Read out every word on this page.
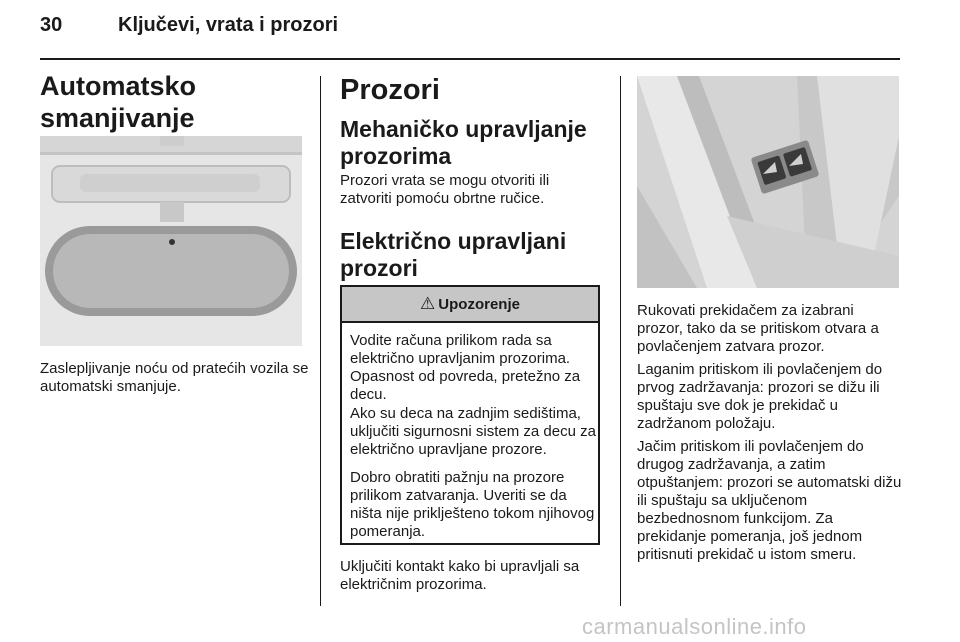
30	Ključevi, vrata i prozori
Automatsko smanjivanje

Zaslepljivanje noću od pratećih vozila se automatski smanjuje.

Prozori
Mehaničko upravljanje prozorima

Prozori vrata se mogu otvoriti ili zatvoriti pomoću obrtne ručice.

Električno upravljani prozori
⚠ Upozorenje

Vodite računa prilikom rada sa električno upravljanim prozorima. Opasnost od povreda, pretežno za decu.

Ako su deca na zadnjim sedištima, uključiti sigurnosni sistem za decu za električno upravljane prozore.

Dobro obratiti pažnju na prozore prilikom zatvaranja. Uveriti se da ništa nije priklješteno tokom njihovog pomeranja.

Uključiti kontakt kako bi upravljali sa električnim prozorima.

Rukovati prekidačem za izabrani prozor, tako da se pritiskom otvara a povlačenjem zatvara prozor.

Laganim pritiskom ili povlačenjem do prvog zadržavanja: prozori se dižu ili spuštaju sve dok je prekidač u zadržanom položaju.

Jačim pritiskom ili povlačenjem do drugog zadržavanja, a zatim otpuštanjem: prozori se automatski dižu ili spuštaju sa uključenom bezbednosnom funkcijom. Za prekidanje pomeranja, još jednom pritisnuti prekidač u istom smeru.

carmanualsonline.info
